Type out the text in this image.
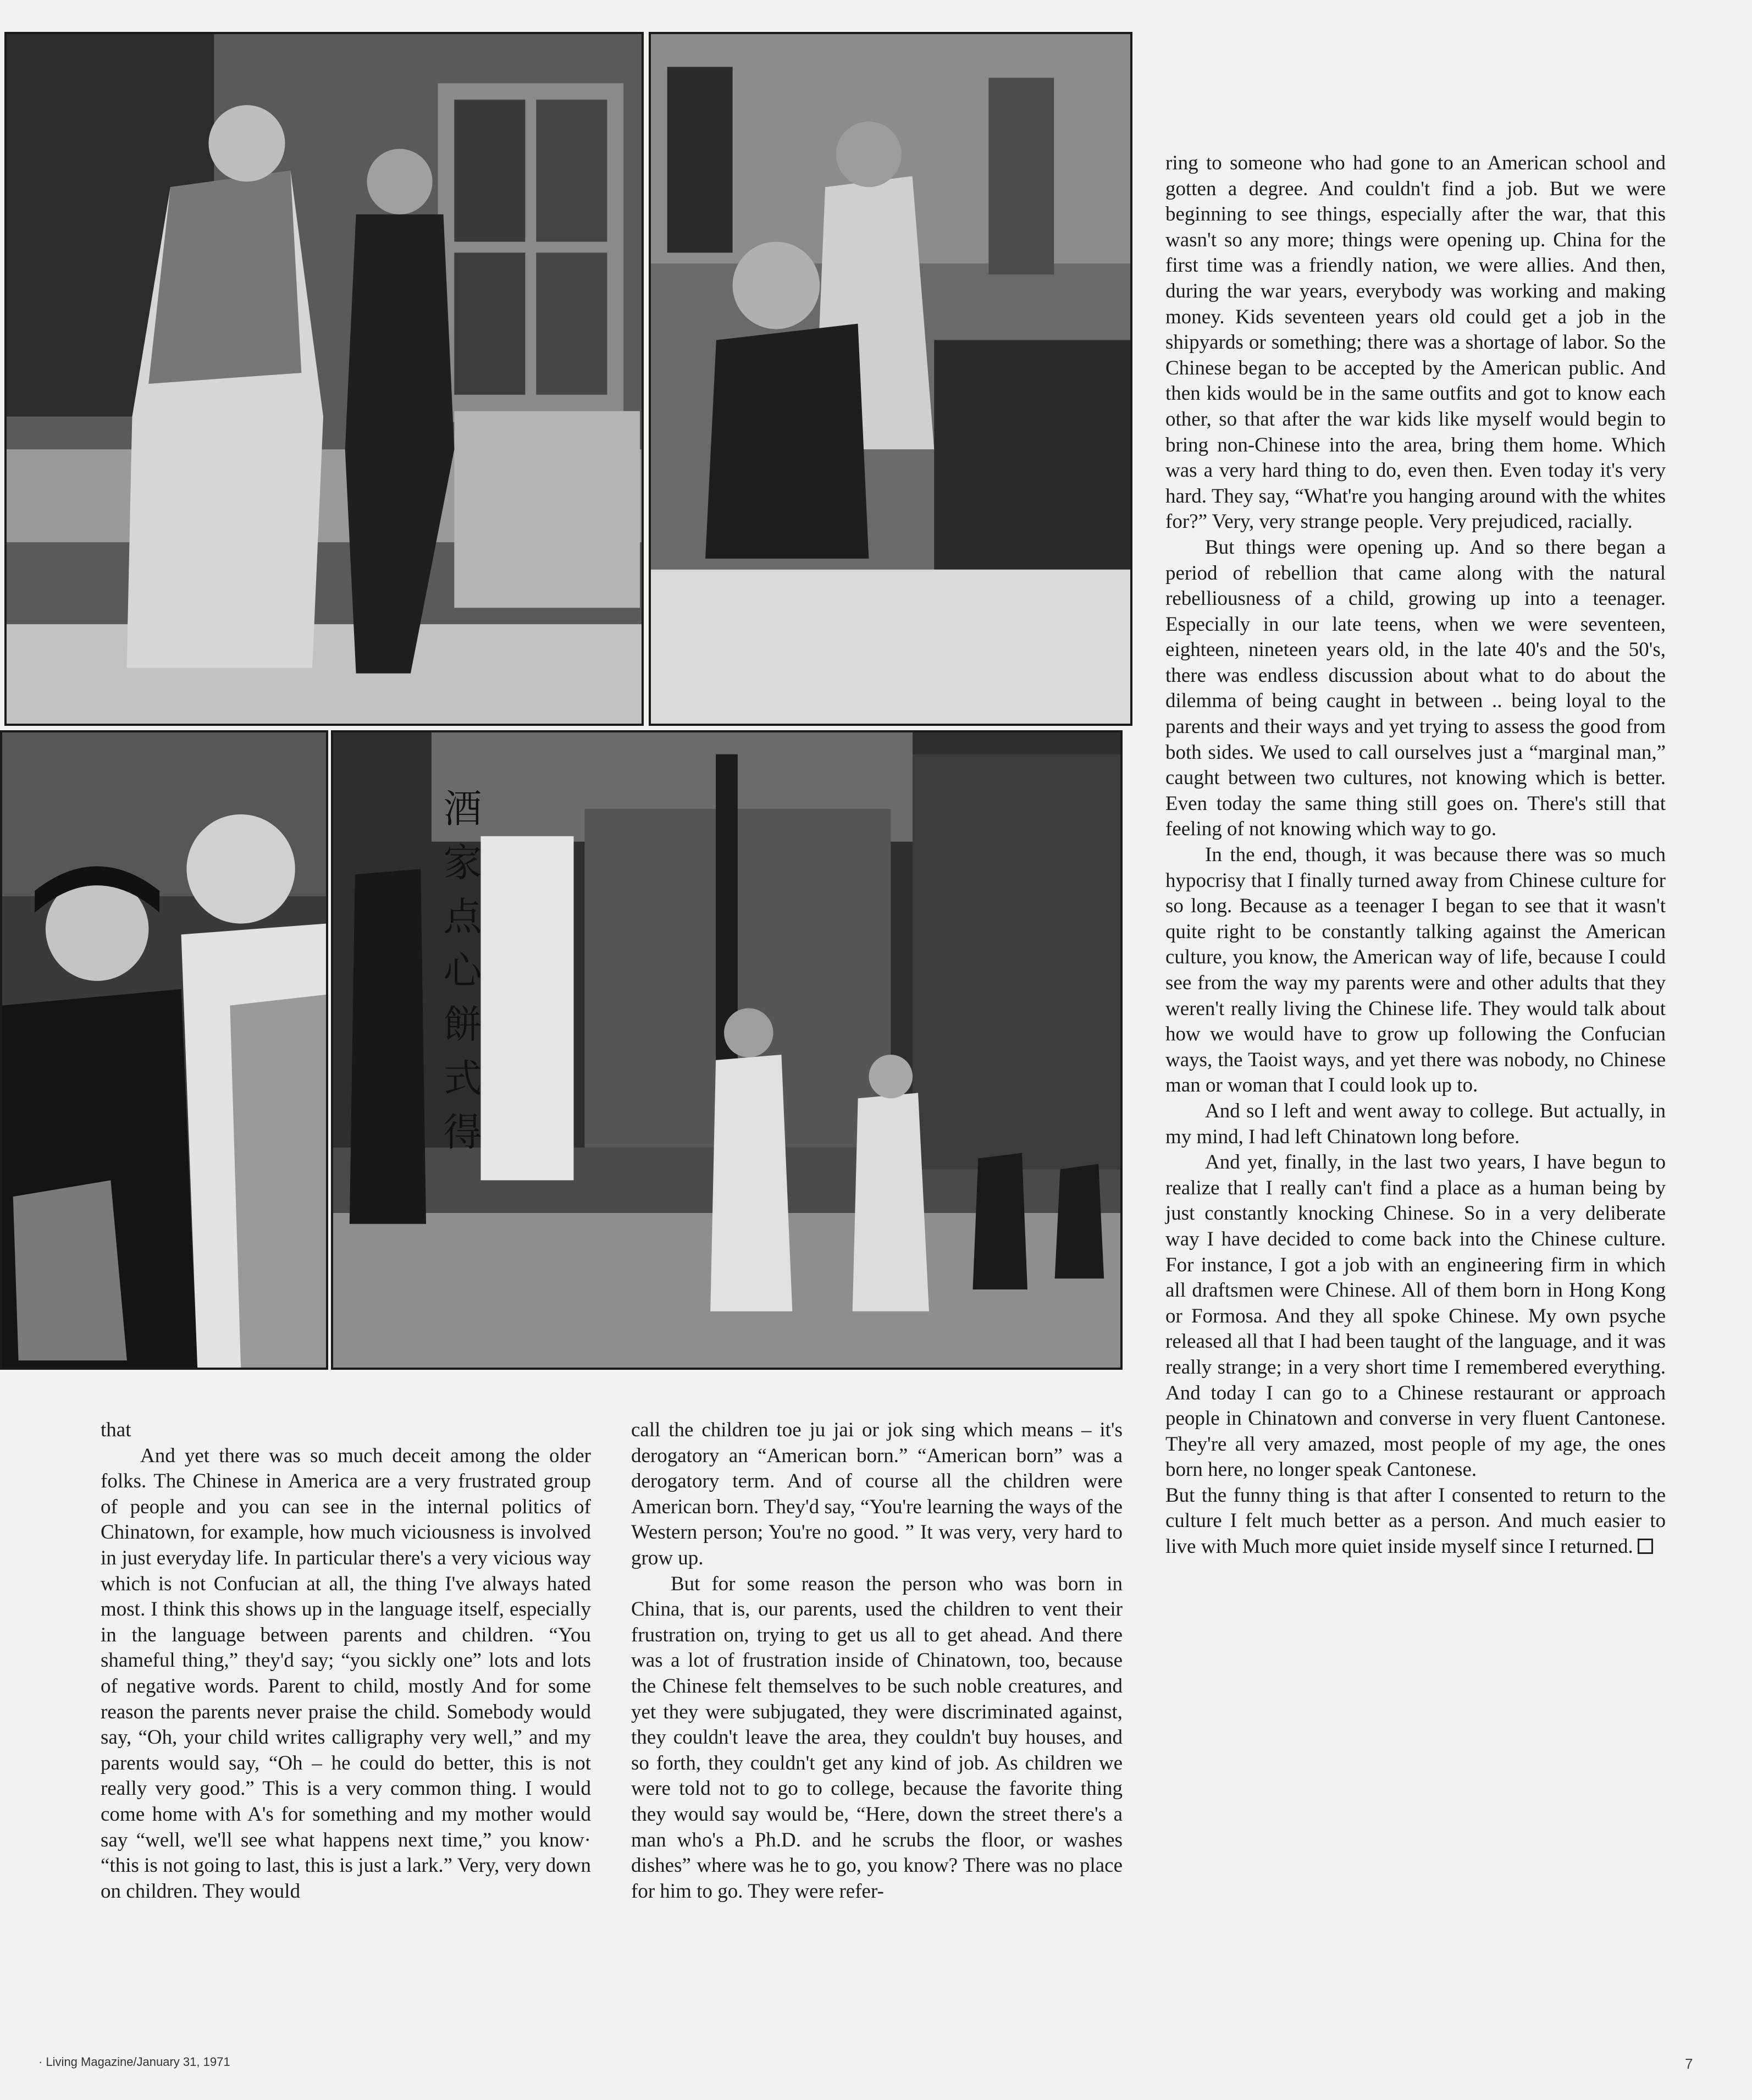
酒
家
点
心
餅
式
得

ring to someone who had gone to an American school and gotten a degree. And couldn't find a job. But we were beginning to see things, especially after the war, that this wasn't so any more; things were opening up. China for the first time was a friendly nation, we were allies. And then, during the war years, everybody was working and making money. Kids seventeen years old could get a job in the shipyards or something; there was a shortage of labor. So the Chinese began to be accepted by the American public. And then kids would be in the same outfits and got to know each other, so that after the war kids like myself would begin to bring non-Chinese into the area, bring them home. Which was a very hard thing to do, even then. Even today it's very hard. They say, “What're you hanging around with the whites for?” Very, very strange people. Very prejudiced, racially.

But things were opening up. And so there began a period of rebellion that came along with the natural rebelliousness of a child, growing up into a teenager. Especially in our late teens, when we were seventeen, eighteen, nineteen years old, in the late 40's and the 50's, there was endless discussion about what to do about the dilemma of being caught in between .. being loyal to the parents and their ways and yet trying to assess the good from both sides. We used to call ourselves just a “marginal man,” caught between two cultures, not knowing which is better. Even today the same thing still goes on. There's still that feeling of not knowing which way to go.

In the end, though, it was because there was so much hypocrisy that I finally turned away from Chinese culture for so long. Because as a teenager I began to see that it wasn't quite right to be constantly talking against the American culture, you know, the American way of life, because I could see from the way my parents were and other adults that they weren't really living the Chinese life. They would talk about how we would have to grow up following the Confucian ways, the Taoist ways, and yet there was nobody, no Chinese man or woman that I could look up to.

And so I left and went away to college. But actually, in my mind, I had left Chinatown long before.

And yet, finally, in the last two years, I have begun to realize that I really can't find a place as a human being by just constantly knocking Chinese. So in a very deliberate way I have decided to come back into the Chinese culture. For instance, I got a job with an engineering firm in which all draftsmen were Chinese. All of them born in Hong Kong or Formosa. And they all spoke Chinese. My own psyche released all that I had been taught of the language, and it was really strange; in a very short time I remembered everything. And today I can go to a Chinese restaurant or approach people in Chinatown and converse in very fluent Cantonese. They're all very amazed, most people of my age, the ones born here, no longer speak Cantonese.

But the funny thing is that after I consented to return to the culture I felt much better as a person. And much easier to live with Much more quiet inside myself since I returned.

that

And yet there was so much deceit among the older folks. The Chinese in America are a very frustrated group of people and you can see in the internal politics of Chinatown, for example, how much viciousness is involved in just everyday life. In particular there's a very vicious way which is not Confucian at all, the thing I've always hated most. I think this shows up in the language itself, especially in the language between parents and children. “You shameful thing,” they'd say; “you sickly one” lots and lots of negative words. Parent to child, mostly And for some reason the parents never praise the child. Somebody would say, “Oh, your child writes calligraphy very well,” and my parents would say, “Oh – he could do better, this is not really very good.” This is a very common thing. I would come home with A's for something and my mother would say “well, we'll see what happens next time,” you know· “this is not going to last, this is just a lark.” Very, very down on children. They would

call the children toe ju jai or jok sing which means – it's derogatory an “American born.” “American born” was a derogatory term. And of course all the children were American born. They'd say, “You're learning the ways of the Western person; You're no good. ” It was very, very hard to grow up.

But for some reason the person who was born in China, that is, our parents, used the children to vent their frustration on, trying to get us all to get ahead. And there was a lot of frustration inside of Chinatown, too, because the Chinese felt themselves to be such noble creatures, and yet they were subjugated, they were discriminated against, they couldn't leave the area, they couldn't buy houses, and so forth, they couldn't get any kind of job. As children we were told not to go to college, because the favorite thing they would say would be, “Here, down the street there's a man who's a Ph.D. and he scrubs the floor, or washes dishes” where was he to go, you know? There was no place for him to go. They were refer-

· Living Magazine/January 31, 1971	7
